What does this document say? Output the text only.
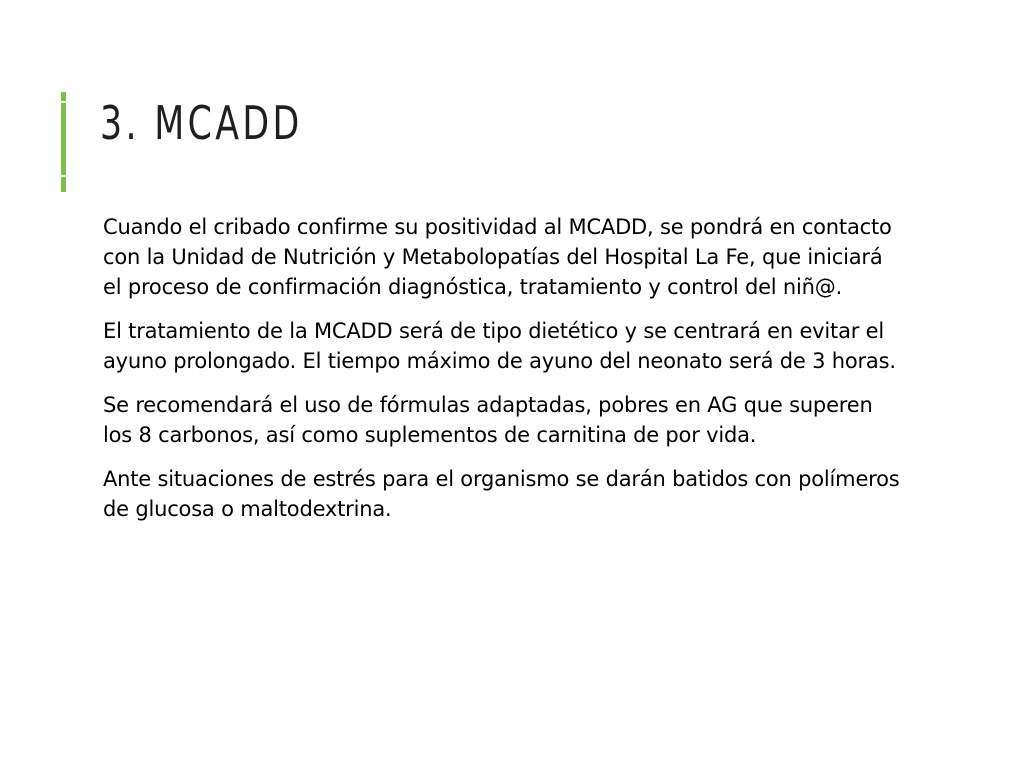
3. MCADD

Cuando el cribado confirme su positividad al MCADD, se pondrá en contacto con la Unidad de Nutrición y Metabolopatías del Hospital La Fe, que iniciará el proceso de confirmación diagnóstica, tratamiento y control del niñ@.

El tratamiento de la MCADD será de tipo dietético y se centrará en evitar el ayuno prolongado. El tiempo máximo de ayuno del neonato será de 3 horas.

Se recomendará el uso de fórmulas adaptadas, pobres en AG que superen los 8 carbonos, así como suplementos de carnitina de por vida.

Ante situaciones de estrés para el organismo se darán batidos con polímeros de glucosa o maltodextrina.
